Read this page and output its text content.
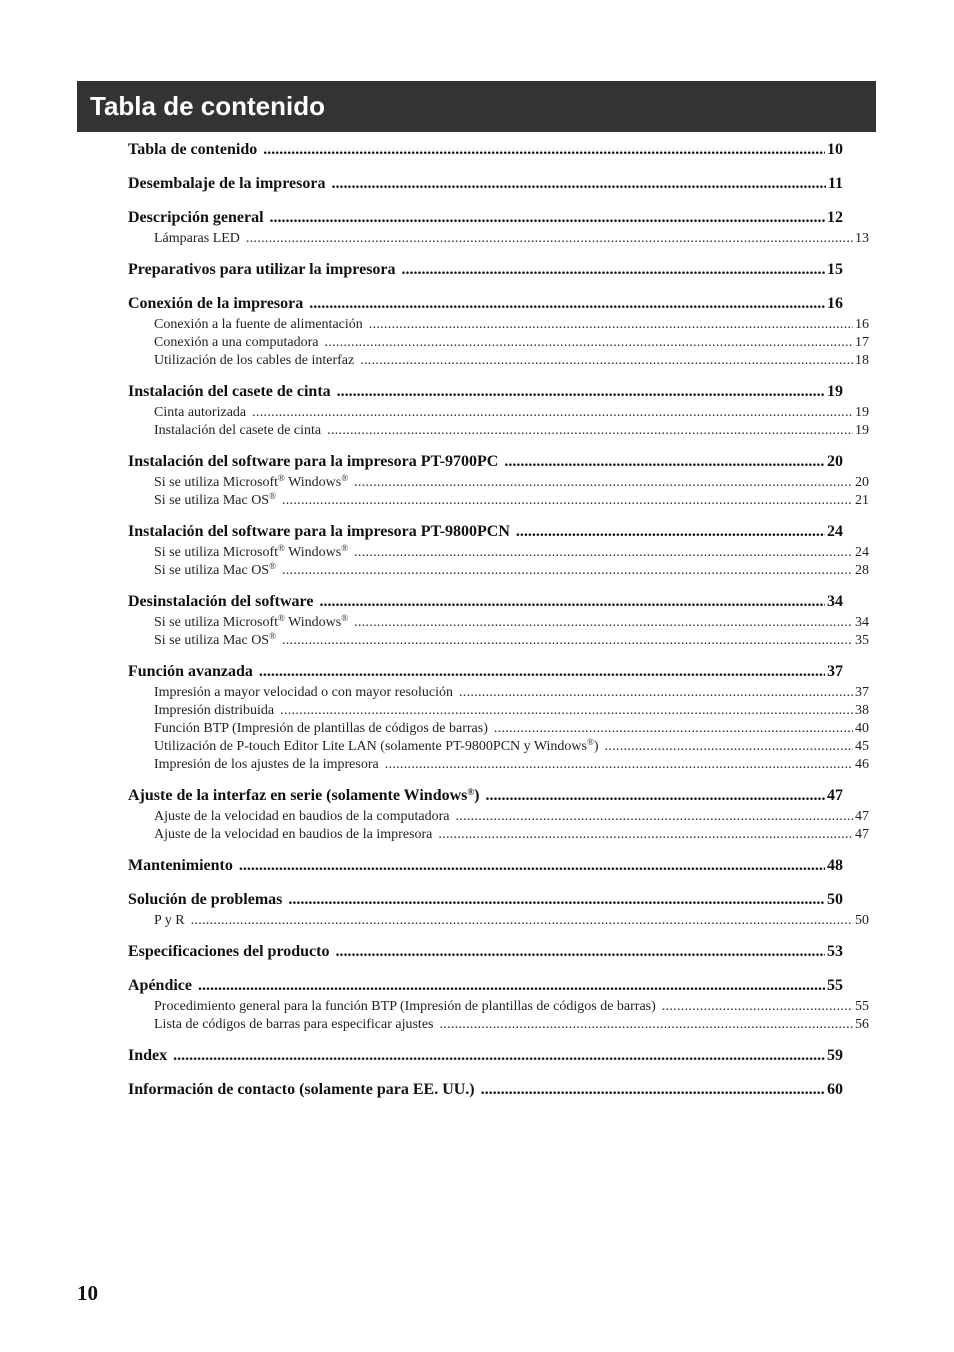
Tabla de contenido
Tabla de contenido .....	10
Desembalaje de la impresora .....	11
Descripción general .....	12
Lámparas LED .....	13
Preparativos para utilizar la impresora .....	15
Conexión de la impresora .....	16
Conexión a la fuente de alimentación .....	16
Conexión a una computadora .....	17
Utilización de los cables de interfaz .....	18
Instalación del casete de cinta .....	19
Cinta autorizada .....	19
Instalación del casete de cinta .....	19
Instalación del software para la impresora PT-9700PC .....	20
Si se utiliza Microsoft® Windows® .....	20
Si se utiliza Mac OS® .....	21
Instalación del software para la impresora PT-9800PCN .....	24
Si se utiliza Microsoft® Windows® .....	24
Si se utiliza Mac OS® .....	28
Desinstalación del software .....	34
Si se utiliza Microsoft® Windows® .....	34
Si se utiliza Mac OS® .....	35
Función avanzada .....	37
Impresión a mayor velocidad o con mayor resolución .....	37
Impresión distribuida .....	38
Función BTP (Impresión de plantillas de códigos de barras) .....	40
Utilización de P-touch Editor Lite LAN (solamente PT-9800PCN y Windows®) .....	45
Impresión de los ajustes de la impresora .....	46
Ajuste de la interfaz en serie (solamente Windows®) .....	47
Ajuste de la velocidad en baudios de la computadora .....	47
Ajuste de la velocidad en baudios de la impresora .....	47
Mantenimiento .....	48
Solución de problemas .....	50
P y R .....	50
Especificaciones del producto .....	53
Apéndice .....	55
Procedimiento general para la función BTP (Impresión de plantillas de códigos de barras) .....	55
Lista de códigos de barras para especificar ajustes .....	56
Index .....	59
Información de contacto (solamente para EE. UU.) .....	60
10
